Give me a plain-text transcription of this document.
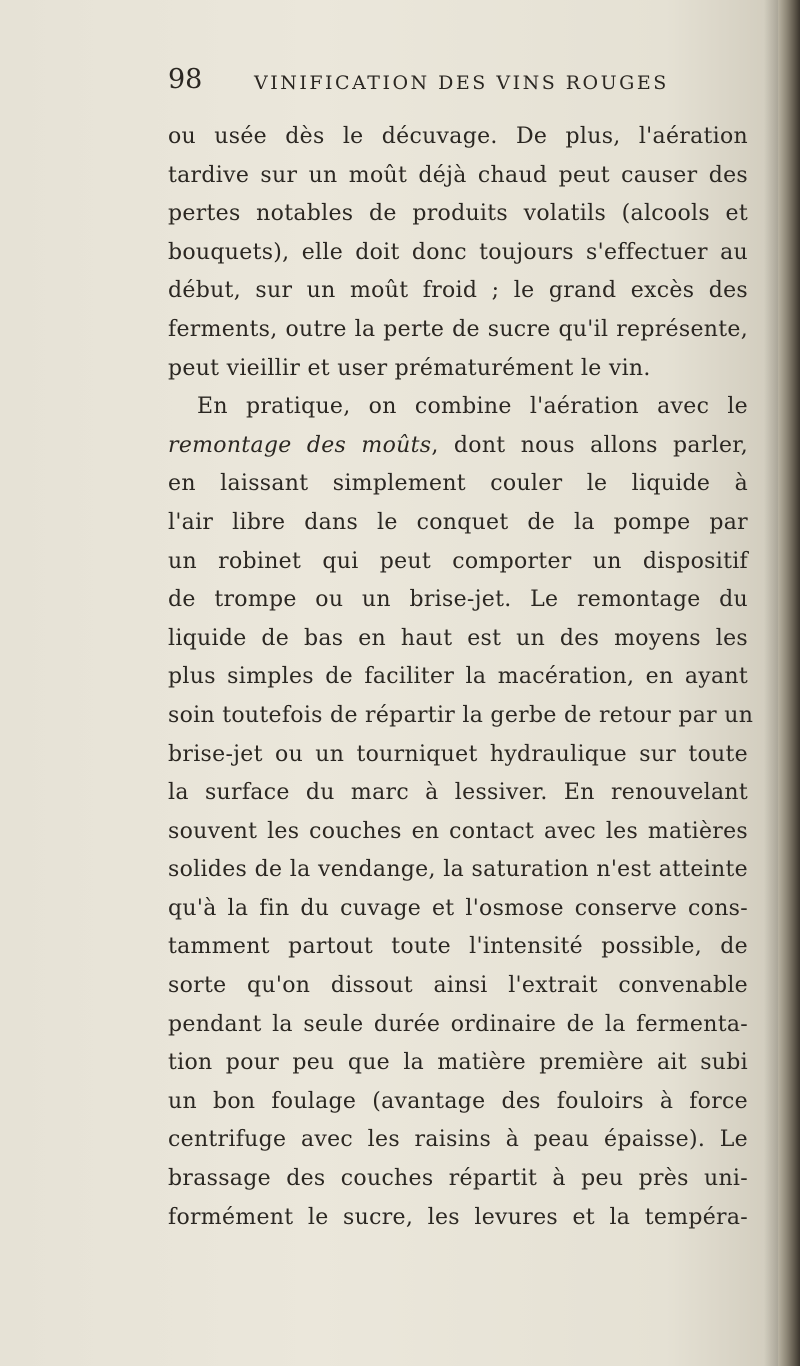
98	VINIFICATION DES VINS ROUGES
ou usée dès le décuvage. De plus, l'aération
tardive sur un moût déjà chaud peut causer des
pertes notables de produits volatils (alcools et
bouquets), elle doit donc toujours s'effectuer au
début, sur un moût froid ; le grand excès des
ferments, outre la perte de sucre qu'il représente,
peut vieillir et user prématurément le vin.
En pratique, on combine l'aération avec le
remontage des moûts, dont nous allons parler,
en laissant simplement couler le liquide à
l'air libre dans le conquet de la pompe par
un robinet qui peut comporter un dispositif
de trompe ou un brise-jet. Le remontage du
liquide de bas en haut est un des moyens les
plus simples de faciliter la macération, en ayant
soin toutefois de répartir la gerbe de retour par un
brise-jet ou un tourniquet hydraulique sur toute
la surface du marc à lessiver. En renouvelant
souvent les couches en contact avec les matières
solides de la vendange, la saturation n'est atteinte
qu'à la fin du cuvage et l'osmose conserve cons-
tamment partout toute l'intensité possible, de
sorte qu'on dissout ainsi l'extrait convenable
pendant la seule durée ordinaire de la fermenta-
tion pour peu que la matière première ait subi
un bon foulage (avantage des fouloirs à force
centrifuge avec les raisins à peau épaisse). Le
brassage des couches répartit à peu près uni-
formément le sucre, les levures et la tempéra-
